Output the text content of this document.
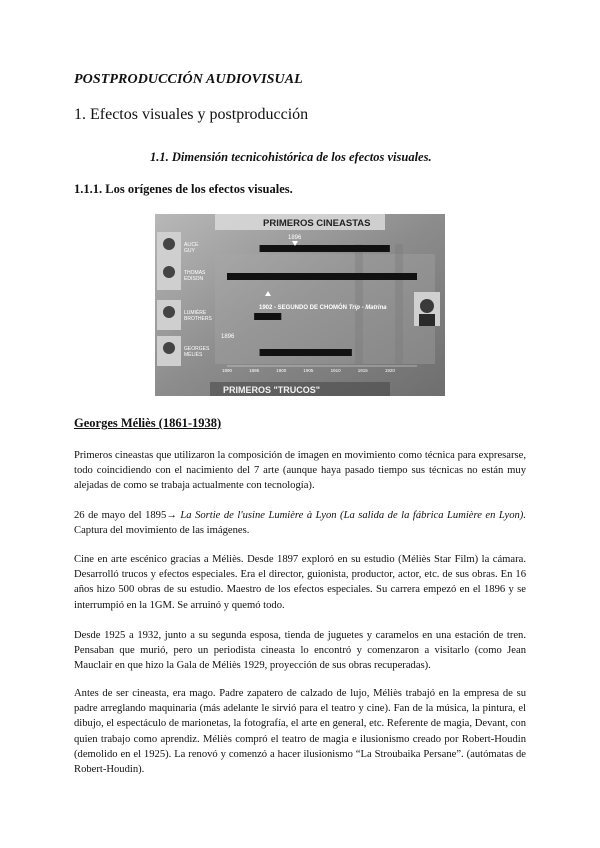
POSTPRODUCCIÓN AUDIOVISUAL
1. Efectos visuales y postproducción
1.1. Dimensión tecnicohistórica de los efectos visuales.
1.1.1. Los orígenes de los efectos visuales.
PRIMEROS CINEASTAS
PRIMEROS "TRUCOS"
ALICE
GUY
THOMAS
EDISON
LUMIÈRE
BROTHERS
GEORGES
MÉLIÈS
1890	1895	1900	1905	1910	1915	1920
1896
1896
1902 - SEGUNDO DE CHOMÓN Trip - Matrina
Georges Méliès (1861-1938)
Primeros cineastas que utilizaron la composición de imagen en movimiento como técnica para expresarse, todo coincidiendo con el nacimiento del 7 arte (aunque haya pasado tiempo sus técnicas no están muy alejadas de como se trabaja actualmente con tecnología).
26 de mayo del 1895→ La Sortie de l'usine Lumière à Lyon (La salida de la fábrica Lumière en Lyon). Captura del movimiento de las imágenes.
Cine en arte escénico gracias a Méliès. Desde 1897 exploró en su estudio (Méliès Star Film) la cámara. Desarrolló trucos y efectos especiales. Era el director, guionista, productor, actor, etc. de sus obras. En 16 años hizo 500 obras de su estudio. Maestro de los efectos especiales. Su carrera empezó en el 1896 y se interrumpió en la 1GM. Se arruinó y quemó todo.
Desde 1925 a 1932, junto a su segunda esposa, tienda de juguetes y caramelos en una estación de tren. Pensaban que murió, pero un periodista cineasta lo encontró y comenzaron a visitarlo (como Jean Mauclair en que hizo la Gala de Méliès 1929, proyección de sus obras recuperadas).
Antes de ser cineasta, era mago. Padre zapatero de calzado de lujo, Méliès trabajó en la empresa de su padre arreglando maquinaria (más adelante le sirvió para el teatro y cine). Fan de la música, la pintura, el dibujo, el espectáculo de marionetas, la fotografía, el arte en general, etc. Referente de magia, Devant, con quien trabajo como aprendiz. Méliès compró el teatro de magia e ilusionismo creado por Robert-Houdin (demolido en el 1925). La renovó y comenzó a hacer ilusionismo “La Stroubaika Persane”. (autómatas de Robert-Houdin).
